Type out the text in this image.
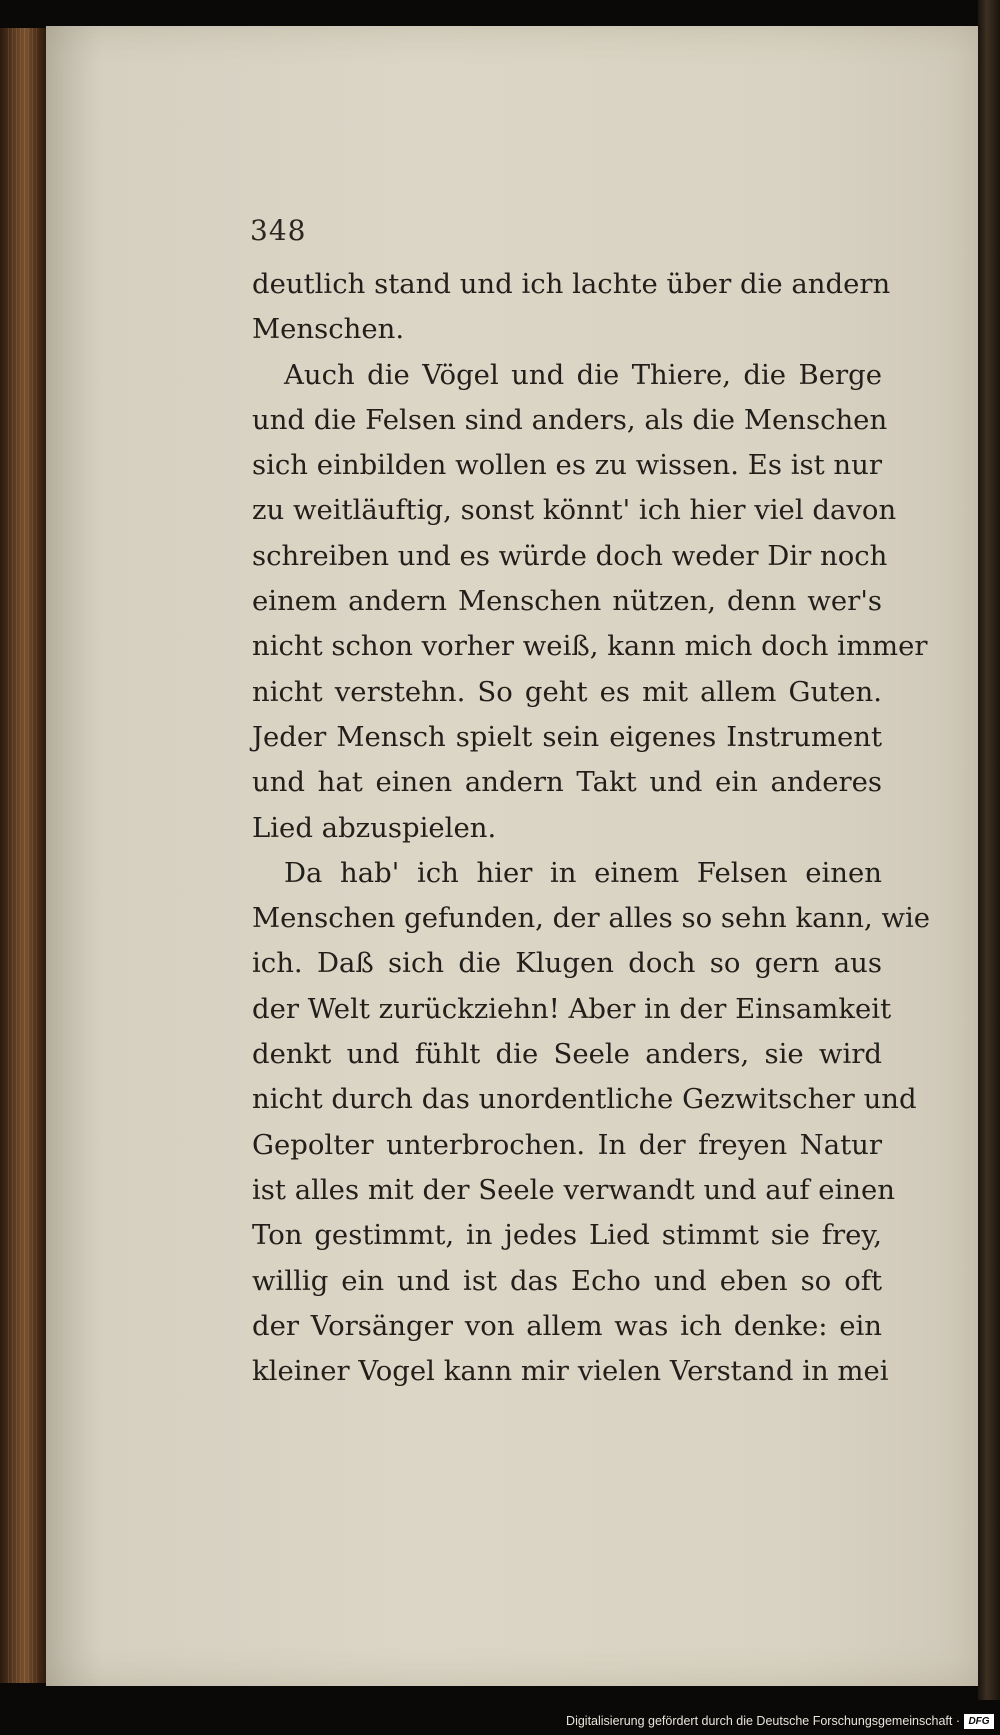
348
deutlich stand und ich lachte über die andern
Menschen.
Auch die Vögel und die Thiere, die Berge
und die Felsen sind anders, als die Menschen
sich einbilden wollen es zu wissen. Es ist nur
zu weitläuftig, sonst könnt' ich hier viel davon
schreiben und es würde doch weder Dir noch
einem andern Menschen nützen, denn wer's
nicht schon vorher weiß, kann mich doch immer
nicht verstehn. So geht es mit allem Guten.
Jeder Mensch spielt sein eigenes Instrument
und hat einen andern Takt und ein anderes
Lied abzuspielen.
Da hab' ich hier in einem Felsen einen
Menschen gefunden, der alles so sehn kann, wie
ich. Daß sich die Klugen doch so gern aus
der Welt zurückziehn! Aber in der Einsamkeit
denkt und fühlt die Seele anders, sie wird
nicht durch das unordentliche Gezwitscher und
Gepolter unterbrochen. In der freyen Natur
ist alles mit der Seele verwandt und auf einen
Ton gestimmt, in jedes Lied stimmt sie frey,
willig ein und ist das Echo und eben so oft
der Vorsänger von allem was ich denke: ein
kleiner Vogel kann mir vielen Verstand in mei
Digitalisierung gefördert durch die Deutsche Forschungsgemeinschaft · DFG
